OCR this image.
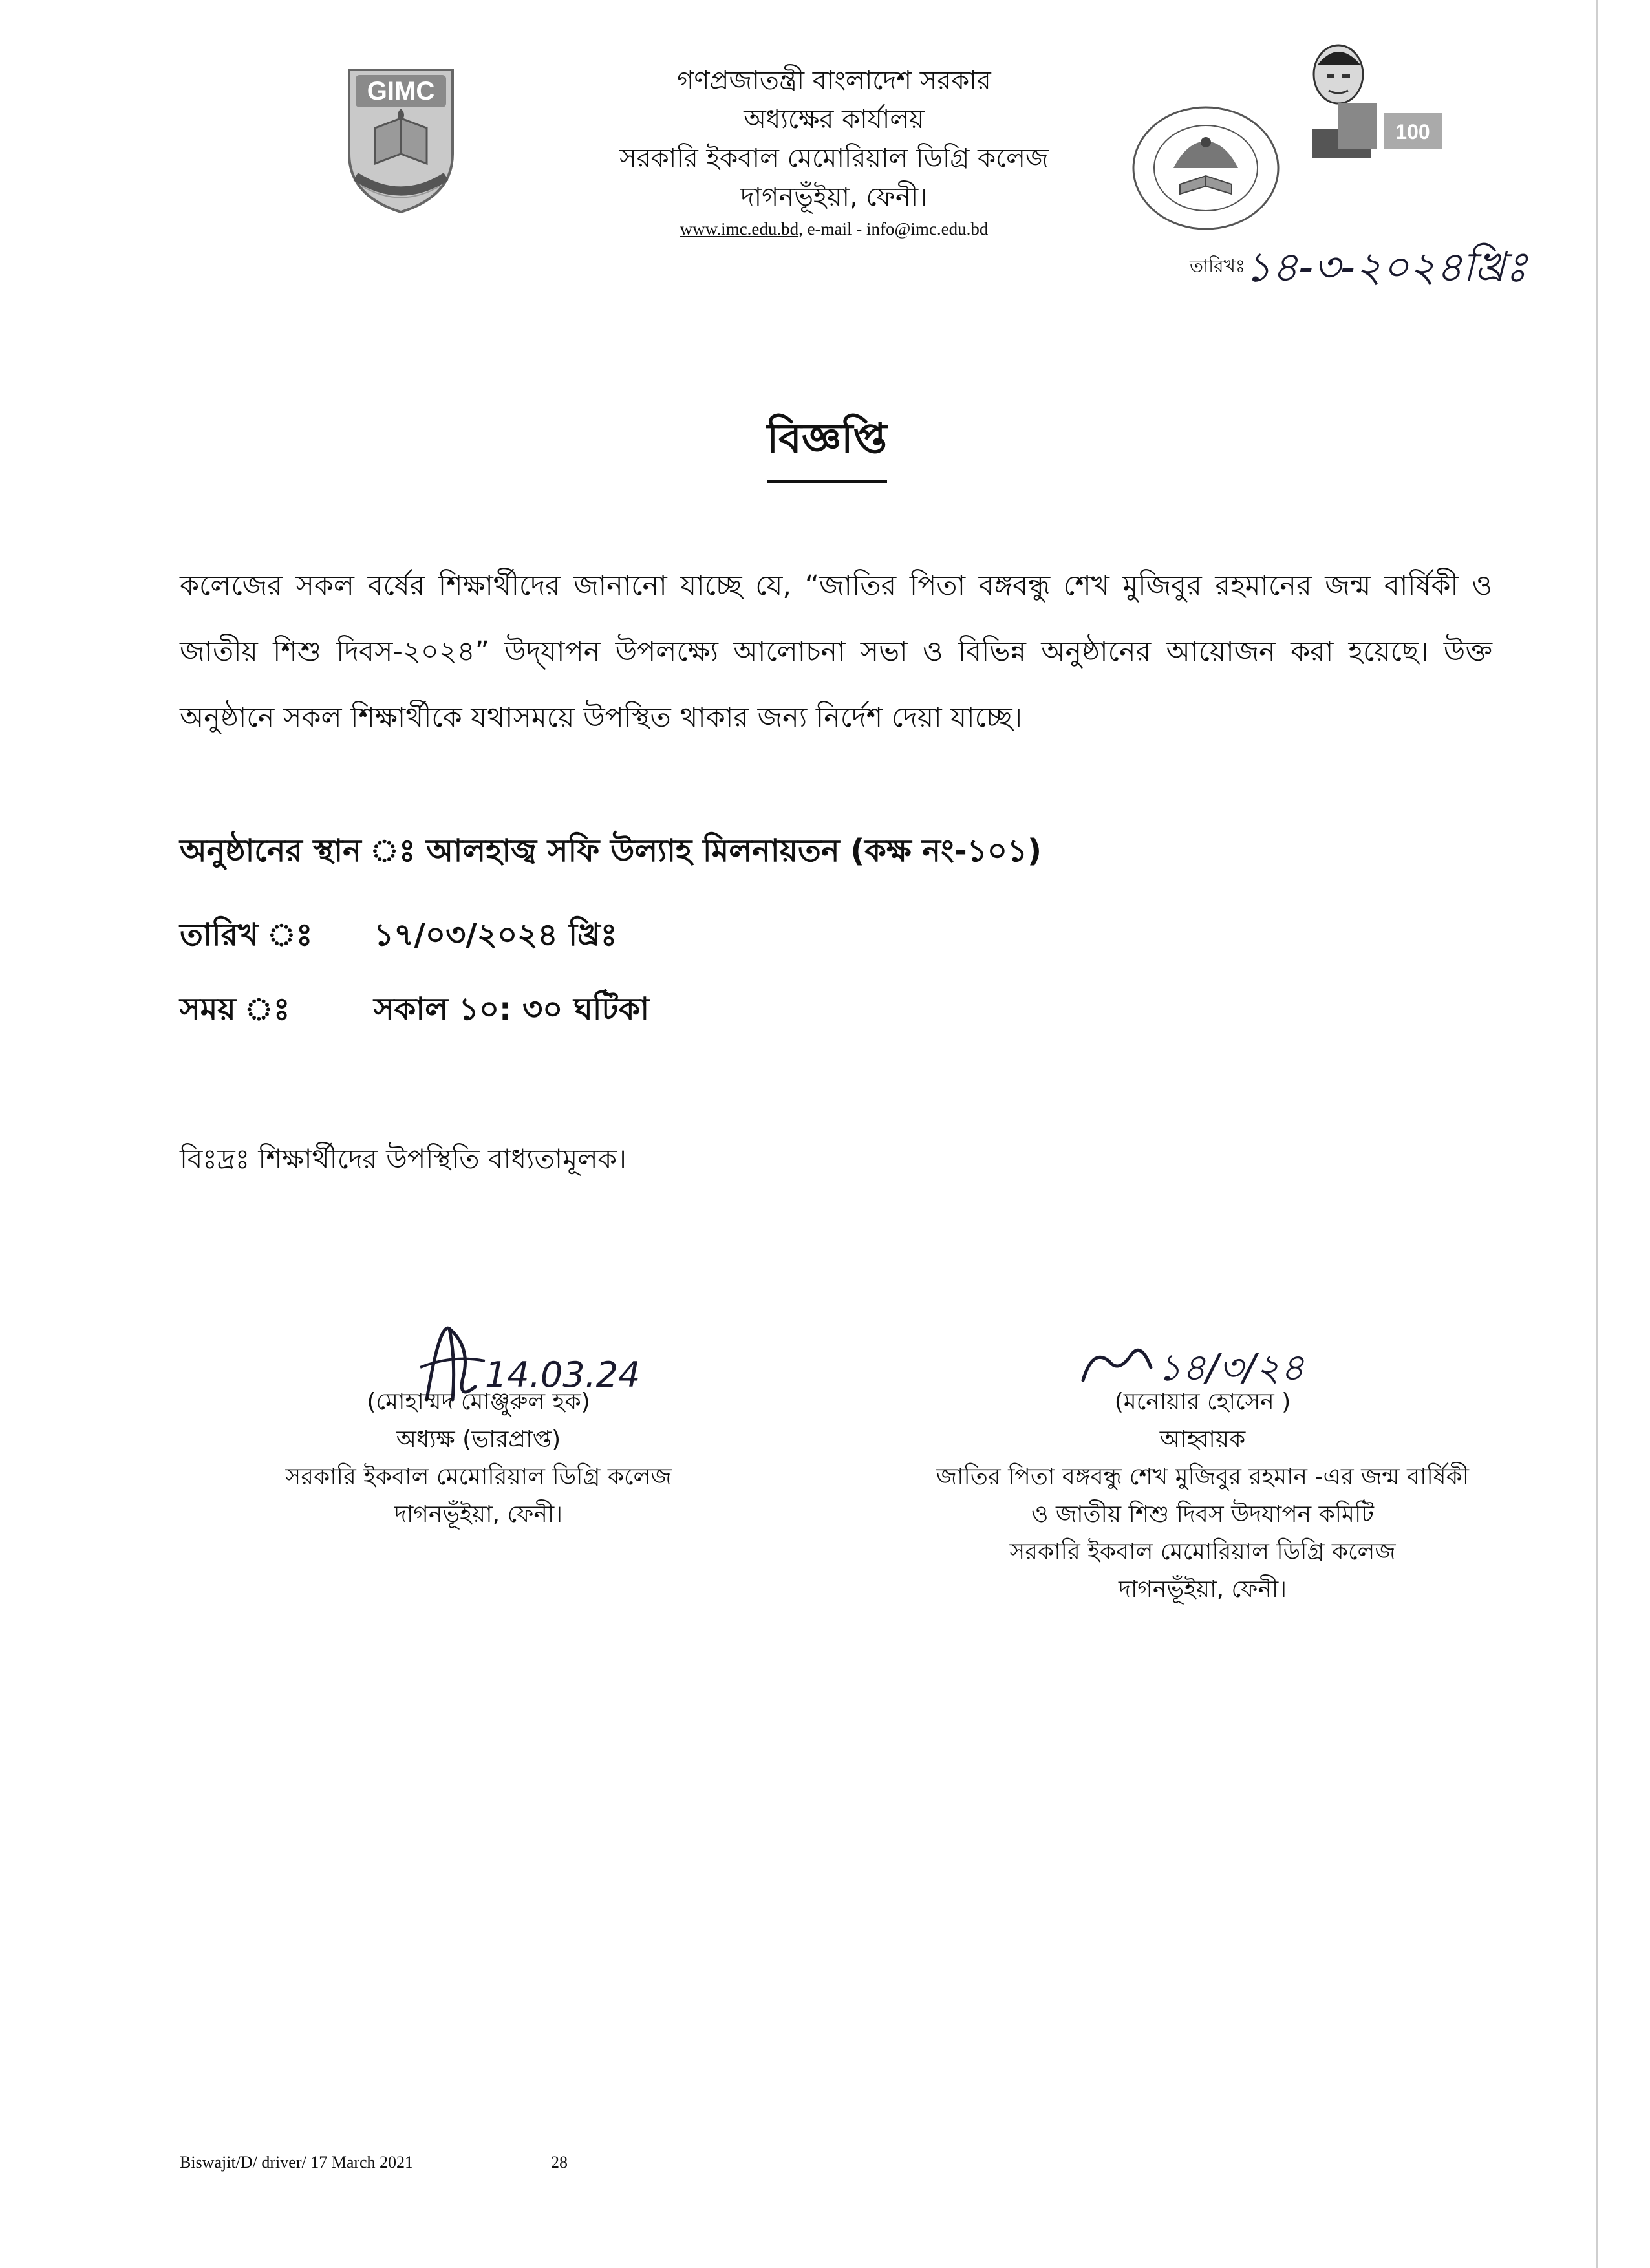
GIMC	গণপ্রজাতন্ত্রী বাংলাদেশ সরকার
অধ্যক্ষের কার্যালয়
সরকারি ইকবাল মেমোরিয়াল ডিগ্রি কলেজ
দাগনভূঁইয়া, ফেনী।
www.imc.edu.bd, e-mail - info@imc.edu.bd
100
তারিখঃ ১৪-৩-২০২৪খ্রিঃ
বিজ্ঞপ্তি
কলেজের সকল বর্ষের শিক্ষার্থীদের জানানো যাচ্ছে যে, “জাতির পিতা বঙ্গবন্ধু শেখ মুজিবুর রহমানের জন্ম বার্ষিকী ও জাতীয় শিশু দিবস-২০২৪” উদ্‌যাপন উপলক্ষ্যে আলোচনা সভা ও বিভিন্ন অনুষ্ঠানের আয়োজন করা হয়েছে। উক্ত অনুষ্ঠানে সকল শিক্ষার্থীকে যথাসময়ে উপস্থিত থাকার জন্য নির্দেশ দেয়া যাচ্ছে।
অনুষ্ঠানের স্থান ঃ আলহাজ্ব সফি উল্যাহ মিলনায়তন (কক্ষ নং-১০১)
তারিখ ঃ ১৭/০৩/২০২৪ খ্রিঃ
সময় ঃ	সকাল ১০: ৩০ ঘটিকা
বিঃদ্রঃ শিক্ষার্থীদের উপস্থিতি বাধ্যতামূলক।
14.03.24	১৪/৩/২৪
(মোহাম্মদ মোঞ্জুরুল হক)
অধ্যক্ষ (ভারপ্রাপ্ত)
সরকারি ইকবাল মেমোরিয়াল ডিগ্রি কলেজ
দাগনভূঁইয়া, ফেনী।
(মনোয়ার হোসেন )
আহ্বায়ক
জাতির পিতা বঙ্গবন্ধু শেখ মুজিবুর রহমান -এর জন্ম বার্ষিকী
ও জাতীয় শিশু দিবস উদযাপন কমিটি
সরকারি ইকবাল মেমোরিয়াল ডিগ্রি কলেজ
দাগনভূঁইয়া, ফেনী।
Biswajit/D/ driver/ 17 March 2021	28
